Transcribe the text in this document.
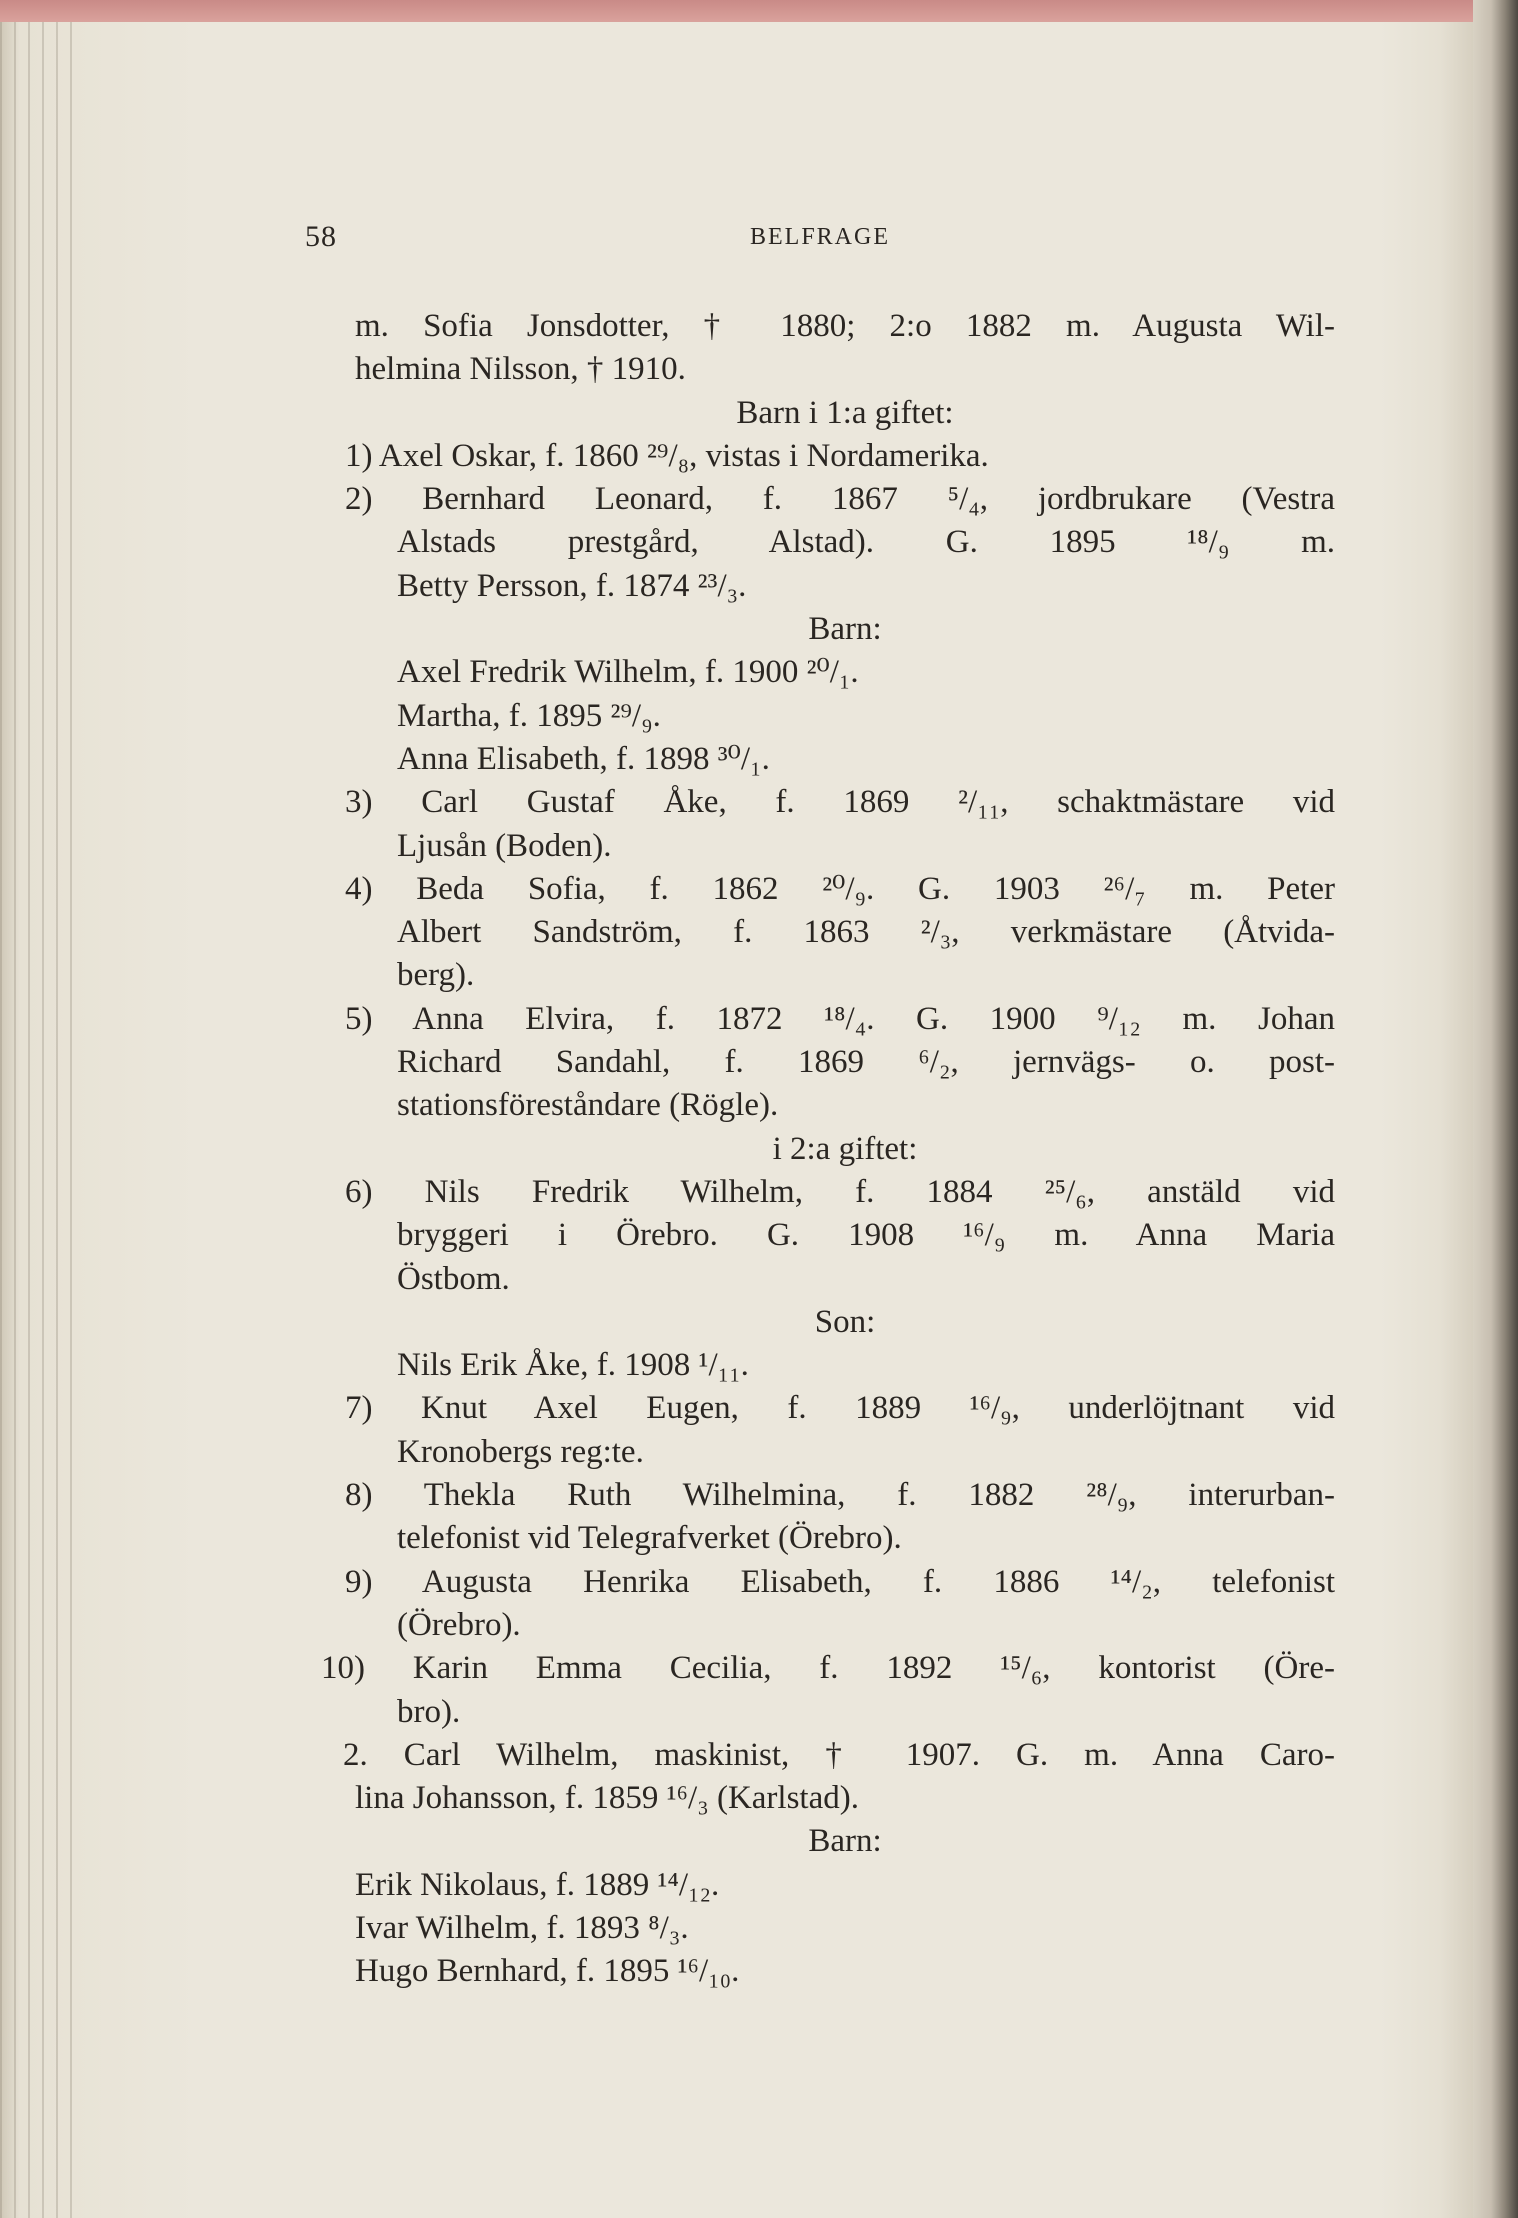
58	BELFRAGE
m. Sofia Jonsdotter, † 1880; 2:o 1882 m. Augusta Wil-
helmina Nilsson, † 1910.
Barn i 1:a giftet:
1) Axel Oskar, f. 1860 ²⁹/₈, vistas i Nordamerika.
2) Bernhard Leonard, f. 1867 ⁵/₄, jordbrukare (Vestra
Alstads prestgård, Alstad). G. 1895 ¹⁸/₉ m.
Betty Persson, f. 1874 ²³/₃.
Barn:
Axel Fredrik Wilhelm, f. 1900 ²⁰/₁.
Martha, f. 1895 ²⁹/₉.
Anna Elisabeth, f. 1898 ³⁰/₁.
3) Carl Gustaf Åke, f. 1869 ²/₁₁, schaktmästare vid
Ljusån (Boden).
4) Beda Sofia, f. 1862 ²⁰/₉. G. 1903 ²⁶/₇ m. Peter
Albert Sandström, f. 1863 ²/₃, verkmästare (Åtvida-
berg).
5) Anna Elvira, f. 1872 ¹⁸/₄. G. 1900 ⁹/₁₂ m. Johan
Richard Sandahl, f. 1869 ⁶/₂, jernvägs- o. post-
stationsföreståndare (Rögle).
i 2:a giftet:
6) Nils Fredrik Wilhelm, f. 1884 ²⁵/₆, anstäld vid
bryggeri i Örebro. G. 1908 ¹⁶/₉ m. Anna Maria
Östbom.
Son:
Nils Erik Åke, f. 1908 ¹/₁₁.
7) Knut Axel Eugen, f. 1889 ¹⁶/₉, underlöjtnant vid
Kronobergs reg:te.
8) Thekla Ruth Wilhelmina, f. 1882 ²⁸/₉, interurban-
telefonist vid Telegrafverket (Örebro).
9) Augusta Henrika Elisabeth, f. 1886 ¹⁴/₂, telefonist
(Örebro).
10) Karin Emma Cecilia, f. 1892 ¹⁵/₆, kontorist (Öre-
bro).
2. Carl Wilhelm, maskinist, † 1907. G. m. Anna Caro-
lina Johansson, f. 1859 ¹⁶/₃ (Karlstad).
Barn:
Erik Nikolaus, f. 1889 ¹⁴/₁₂.
Ivar Wilhelm, f. 1893 ⁸/₃.
Hugo Bernhard, f. 1895 ¹⁶/₁₀.
